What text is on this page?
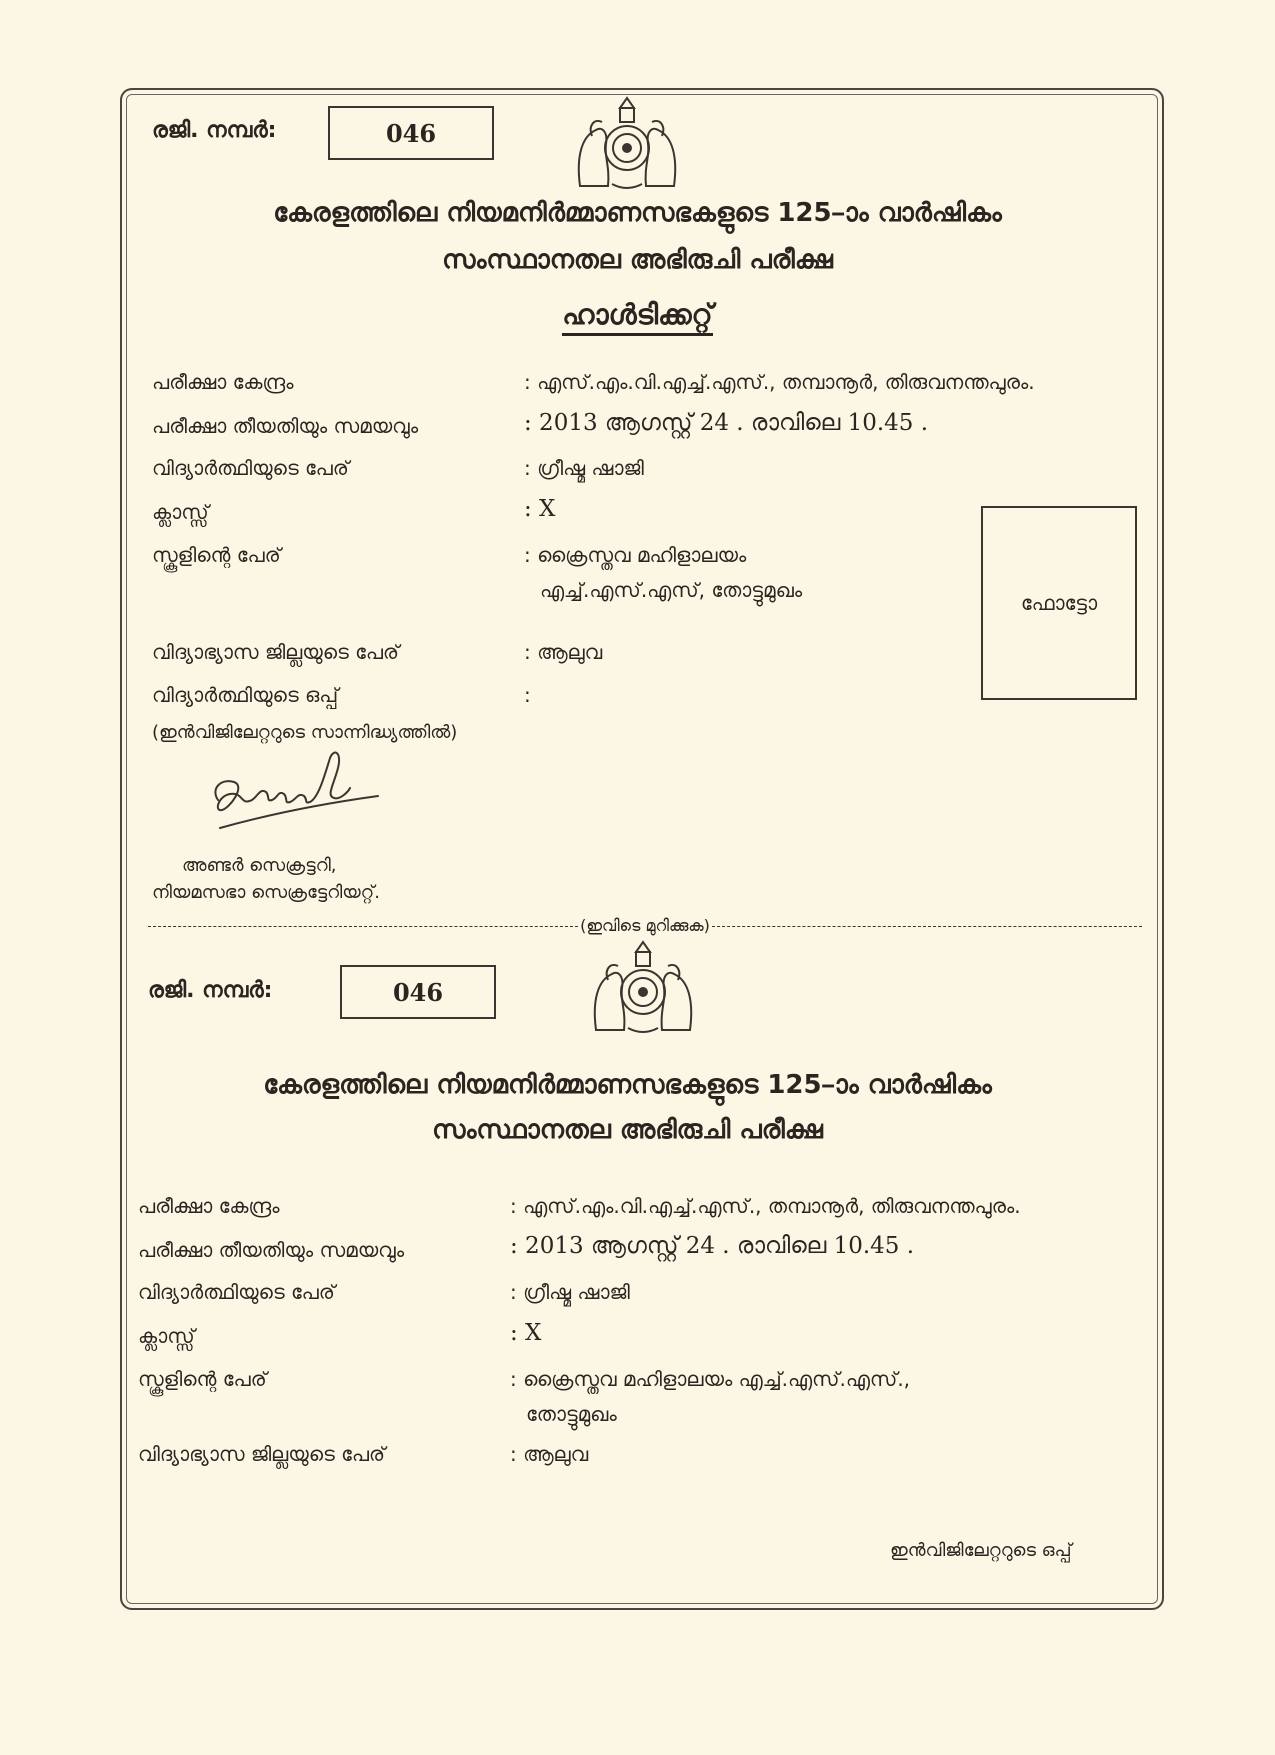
രജി. നമ്പർ:	046
കേരളത്തിലെ നിയമനിർമ്മാണസഭകളുടെ 125–ാം വാർഷികം
സംസ്ഥാനതല അഭിരുചി പരീക്ഷ
ഹാൾടിക്കറ്റ്
പരീക്ഷാ കേന്ദ്രം	: എസ്.എം.വി.എച്ച്.എസ്., തമ്പാനൂർ, തിരുവനന്തപുരം.
പരീക്ഷാ തീയതിയും സമയവും	: 2013 ആഗസ്റ്റ് 24 . രാവിലെ 10.45 .
വിദ്യാർത്ഥിയുടെ പേര്	: ഗ്രീഷ്മ ഷാജി
ക്ലാസ്സ്	: X
സ്കൂളിന്റെ പേര്	: ക്രൈസ്തവ മഹിളാലയം
എച്ച്.എസ്.എസ്, തോട്ടുമുഖം
വിദ്യാഭ്യാസ ജില്ലയുടെ പേര്	: ആലുവ
വിദ്യാർത്ഥിയുടെ ഒപ്പ്	:
(ഇൻവിജിലേറ്ററുടെ സാന്നിദ്ധ്യത്തിൽ)
ഫോട്ടോ
അണ്ടർ സെക്രട്ടറി,
നിയമസഭാ സെക്രട്ടേറിയറ്റ്.
(ഇവിടെ മുറിക്കുക)
രജി. നമ്പർ:	046
കേരളത്തിലെ നിയമനിർമ്മാണസഭകളുടെ 125–ാം വാർഷികം
സംസ്ഥാനതല അഭിരുചി പരീക്ഷ
പരീക്ഷാ കേന്ദ്രം	: എസ്.എം.വി.എച്ച്.എസ്., തമ്പാനൂർ, തിരുവനന്തപുരം.
പരീക്ഷാ തീയതിയും സമയവും	: 2013 ആഗസ്റ്റ് 24 . രാവിലെ 10.45 .
വിദ്യാർത്ഥിയുടെ പേര്	: ഗ്രീഷ്മ ഷാജി
ക്ലാസ്സ്	: X
സ്കൂളിന്റെ പേര്	: ക്രൈസ്തവ മഹിളാലയം എച്ച്.എസ്.എസ്.,
തോട്ടുമുഖം
വിദ്യാഭ്യാസ ജില്ലയുടെ പേര്	: ആലുവ
ഇൻവിജിലേറ്ററുടെ ഒപ്പ്
